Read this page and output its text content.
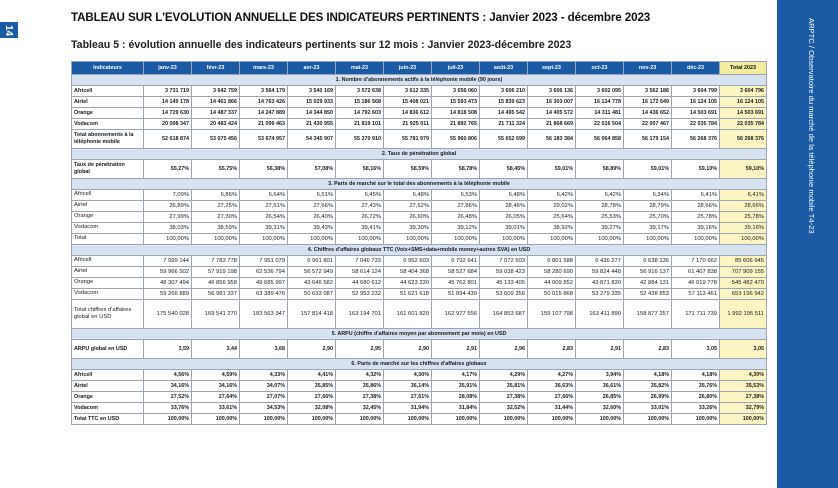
14	ARPTC / Observatoire du marché de la téléphonie mobile T4-23
TABLEAU SUR L'EVOLUTION ANNUELLE DES INDICATEURS PERTINENTS : Janvier 2023 - décembre 2023
Tableau 5 : évolution annuelle des indicateurs pertinents sur 12 mois : Janvier 2023-décembre 2023
Indicateurs	janv-23	févr-23	mars-23	avr-23	mai-23	juin-23	juil-23	août-23	sept-23	oct-23	nov-23	déc-23	Total 2023
1. Nombre d'abonnements actifs à la téléphonie mobile (90 jours)													
Africell	3 731 719	3 642 759	3 564 179	3 540 169	3 572 638	3 612 335	3 656 060	3 606 210	3 606 136	3 602 095	3 562 186	3 604 799	3 604 796
Airtel	14 149 178	14 461 866	14 763 426	15 029 933	15 186 568	15 408 021	15 593 473	15 839 623	16 303 007	16 134 778	16 172 649	16 124 105	16 124 105
Orange	14 729 630	14 487 337	14 247 889	14 344 850	14 792 603	14 836 612	14 818 508	14 495 542	14 405 572	14 311 481	14 436 652	14 503 691	14 503 691
Vodacom	20 008 347	20 483 424	21 099 463	21 430 955	21 819 101	21 925 011	21 892 765	21 711 324	21 868 669	22 016 504	22 007 467	22 035 784	22 035 784
Total abonnements à la téléphonie mobile	52 618 874	53 075 456	53 674 957	54 345 907	55 370 910	55 781 979	55 960 806	55 652 699	56 183 384	56 064 858	56 179 154	56 268 376	56 268 376
2. Taux de pénétration global													
Taux de pénétration global	55,27%	55,75%	56,38%	57,08%	58,16%	58,59%	58,78%	58,45%	59,01%	58,89%	59,01%	59,10%	59,10%
3. Parts de marché sur le total des abonnements à la téléphonie mobile													
Africell	7,09%	6,86%	6,64%	6,51%	6,45%	6,48%	6,53%	6,48%	6,42%	6,42%	6,34%	6,41%	6,41%
Airtel	26,89%	27,25%	27,51%	27,66%	27,43%	27,62%	27,86%	28,46%	29,02%	28,78%	28,79%	28,66%	28,66%
Orange	27,99%	27,30%	26,54%	26,40%	26,72%	26,60%	26,48%	26,05%	25,64%	25,53%	25,70%	25,78%	25,78%
Vodacom	38,03%	38,59%	39,31%	39,43%	39,41%	39,30%	39,12%	39,01%	38,92%	39,27%	39,17%	39,16%	39,16%
Total	100,00%	100,00%	100,00%	100,00%	100,00%	100,00%	100,00%	100,00%	100,00%	100,00%	100,00%	100,00%	100,00%
4. Chiffres d'affaires globaux TTC (Voix+SMS+data+mobile money+autres SVA) en USD													
Africell	7 999 144	7 783 778	7 951 079	6 961 801	7 046 733	6 952 603	6 792 641	7 072 503	6 801 588	6 436 277	6 638 136	7 170 662	85 606 945
Airtel	59 966 502	57 919 198	62 536 794	56 572 949	58 614 124	58 404 368	58 527 684	59 038 423	58 280 690	59 824 448	56 916 137	61 407 838	707 909 155
Orange	48 307 494	46 856 958	49 685 997	43 646 582	44 680 612	44 623 230	45 762 801	45 133 405	44 009 852	43 871 830	42 884 131	46 019 778	545 482 470
Vodacom	59 266 889	56 981 337	63 389 476	50 633 087	52 953 232	51 621 618	51 894 430	53 609 356	50 015 868	53 279 335	52 438 853	57 113 461	653 196 942
Total chiffres d'affaires global en USD	175 540 028	169 541 270	183 563 347	157 814 418	163 194 701	161 601 820	162 977 556	164 853 687	159 107 798	163 411 890	158 877 257	171 711 739	1 992 195 511
5. ARPU (chiffre d'affaires moyen par abonnement par mois) en USD													
ARPU global en USD	3,59	3,44	3,68	2,90	2,95	2,90	2,91	2,96	2,83	2,91	2,83	3,05	3,05
6. Parts de marché sur les chiffres d'affaires globaux													
Africell	4,56%	4,59%	4,33%	4,41%	4,32%	4,30%	4,17%	4,29%	4,27%	3,94%	4,18%	4,18%	4,30%
Airtel	34,16%	34,16%	34,07%	35,85%	35,86%	36,14%	35,91%	35,81%	36,63%	36,61%	35,82%	35,76%	35,53%
Orange	27,52%	27,64%	27,07%	27,66%	27,38%	27,61%	28,08%	27,38%	27,66%	26,85%	26,99%	26,80%	27,38%
Vodacom	33,76%	33,61%	34,53%	32,08%	32,45%	31,94%	31,84%	32,52%	31,44%	32,60%	33,01%	33,26%	32,79%
Total TTC en USD	100,00%	100,00%	100,00%	100,00%	100,00%	100,00%	100,00%	100,00%	100,00%	100,00%	100,00%	100,00%	100,00%
